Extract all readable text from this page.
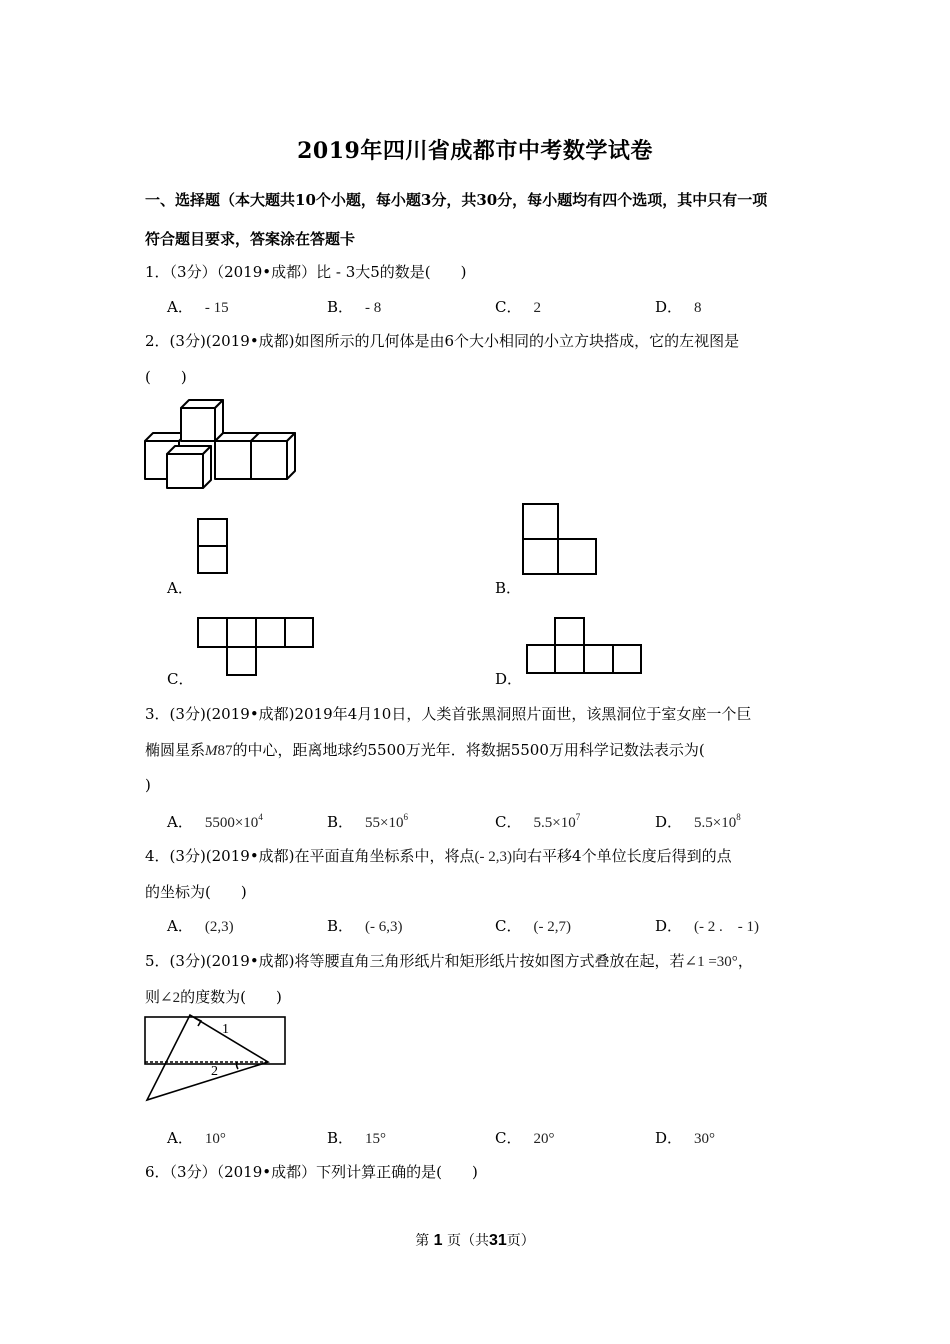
2019年四川省成都市中考数学试卷
一、选择题（本大题共10个小题，每小题3分，共30分，每小题均有四个选项，其中只有一项
符合题目要求，答案涂在答题卡
1．（3分）（2019•成都）比 - 3大5的数是(　　)
A． - 15	B． - 8	C． 2	D． 8
2．(3分)(2019•成都)如图所示的几何体是由6个大小相同的小立方块搭成，它的左视图是
(　　)
A．	B．
C．	D．
3．(3分)(2019•成都)2019年4月10日，人类首张黑洞照片面世，该黑洞位于室女座一个巨
椭圆星系M87的中心，距离地球约5500万光年．将数据5500万用科学记数法表示为(
)
A． $5500\times 10^4$	B． $55\times 10^6$	C． $5.5\times 10^7$	D． $5.5\times 10^8$
4．(3分)(2019•成都)在平面直角坐标系中，将点(- 2,3)向右平移4个单位长度后得到的点
的坐标为(　　)
A． (2,3)	B． (- 6,3)	C． (- 2,7)	D． (- 2 .　- 1)
5．(3分)(2019•成都)将等腰直角三角形纸片和矩形纸片按如图方式叠放在起，若∠1 =30°，
则∠2的度数为(　　)
1
2
A． 10°	B． 15°	C． 20°	D． 30°
6．（3分）（2019•成都）下列计算正确的是(　　)
第 1 页（共31页）
